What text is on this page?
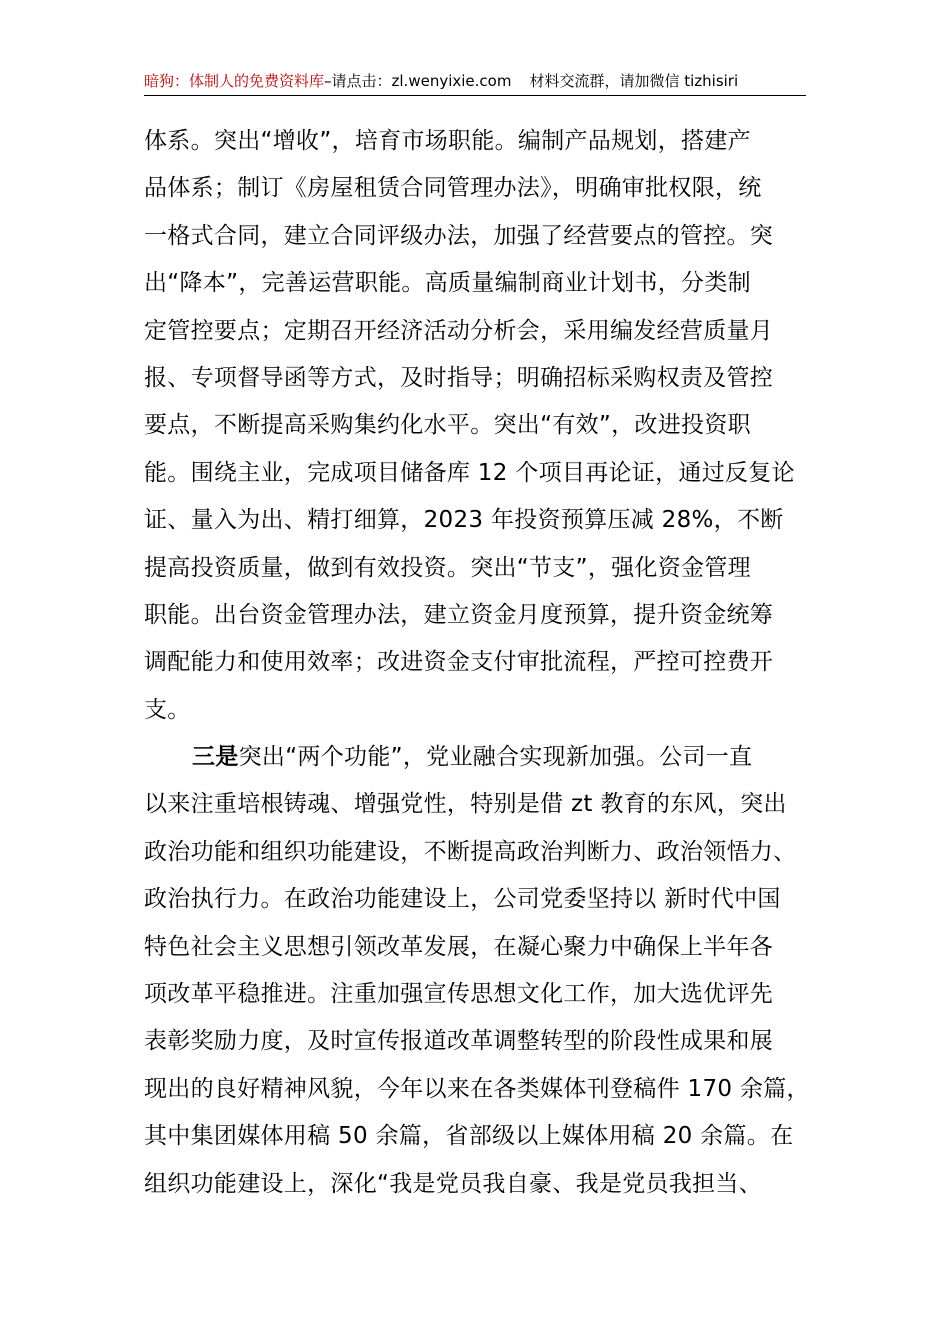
暗狗：体制人的免费资料库–请点击：zl.wenyixie.com 材料交流群，请加微信 tizhisiri
体系。突出“增收”，培育市场职能。编制产品规划，搭建产
品体系；制订《房屋租赁合同管理办法》，明确审批权限，统
一格式合同，建立合同评级办法，加强了经营要点的管控。突
出“降本”，完善运营职能。高质量编制商业计划书，分类制
定管控要点；定期召开经济活动分析会，采用编发经营质量月
报、专项督导函等方式，及时指导；明确招标采购权责及管控
要点，不断提高采购集约化水平。突出“有效”，改进投资职
能。围绕主业，完成项目储备库 12 个项目再论证，通过反复论
证、量入为出、精打细算，2023 年投资预算压减 28%，不断
提高投资质量，做到有效投资。突出“节支”，强化资金管理
职能。出台资金管理办法，建立资金月度预算，提升资金统筹
调配能力和使用效率；改进资金支付审批流程，严控可控费开
支。
三是突出“两个功能”，党业融合实现新加强。公司一直
以来注重培根铸魂、增强党性，特别是借 zt 教育的东风，突出
政治功能和组织功能建设，不断提高政治判断力、政治领悟力、
政治执行力。在政治功能建设上，公司党委坚持以 新时代中国
特色社会主义思想引领改革发展，在凝心聚力中确保上半年各
项改革平稳推进。注重加强宣传思想文化工作，加大选优评先
表彰奖励力度，及时宣传报道改革调整转型的阶段性成果和展
现出的良好精神风貌，今年以来在各类媒体刊登稿件 170 余篇，
其中集团媒体用稿 50 余篇，省部级以上媒体用稿 20 余篇。在
组织功能建设上，深化“我是党员我自豪、我是党员我担当、
